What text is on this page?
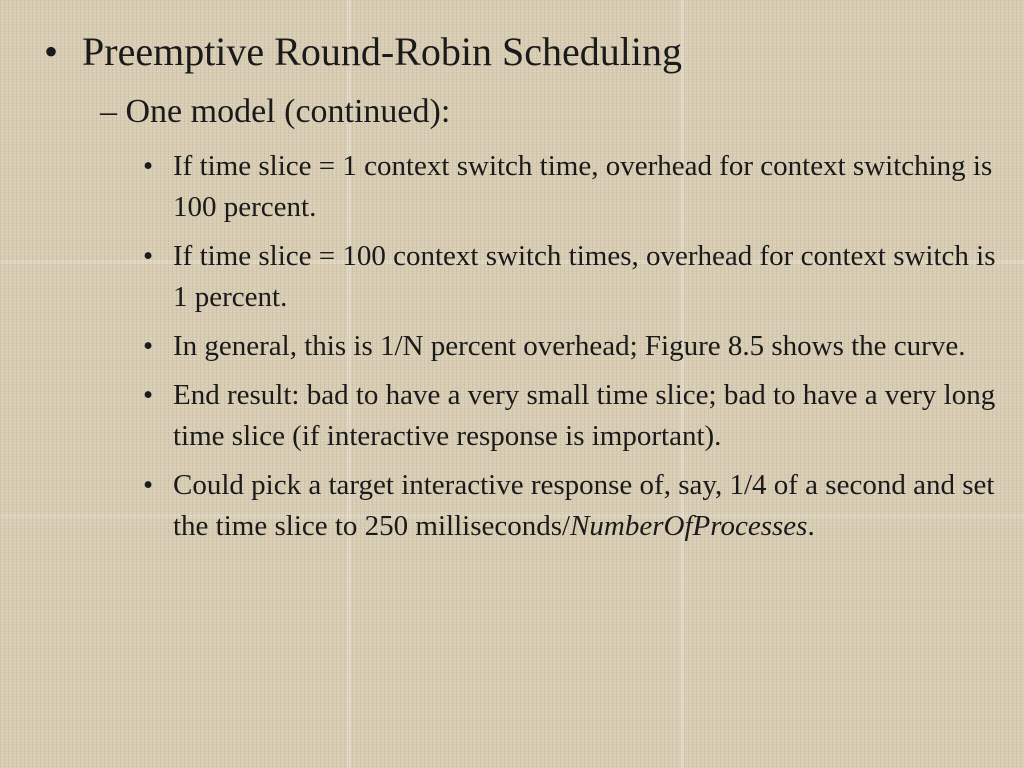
• Preemptive Round-Robin Scheduling
– One model (continued):
• If time slice = 1 context switch time, overhead for context switching is 100 percent.
• If time slice = 100 context switch times, overhead for context switch is 1 percent.
• In general, this is 1/N percent overhead; Figure 8.5 shows the curve.
• End result: bad to have a very small time slice; bad to have a very long time slice (if interactive response is important).
• Could pick a target interactive response of, say, 1/4 of a second and set the time slice to 250 milliseconds/NumberOfProcesses.
